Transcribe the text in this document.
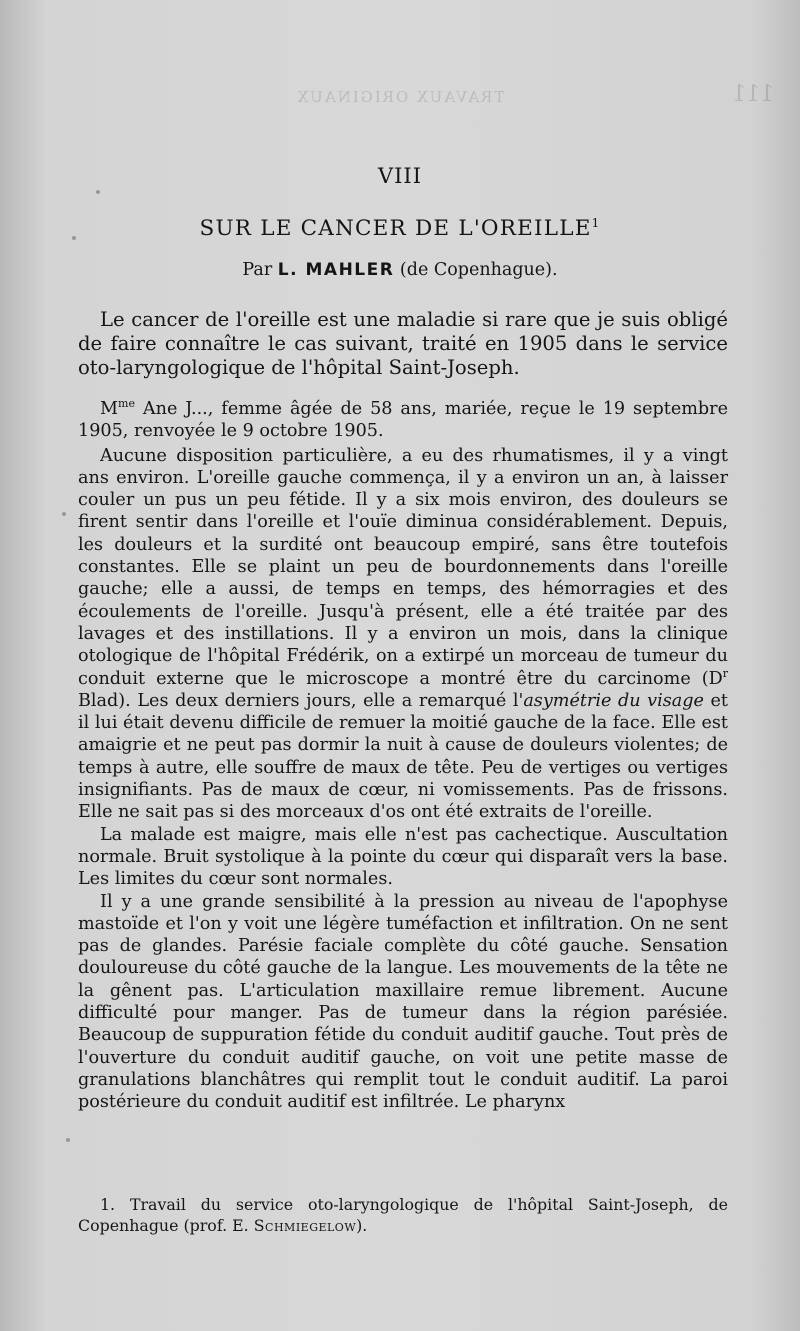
TRAVAUX ORIGINAUX	111
VIII
SUR LE CANCER DE L'OREILLE$^1$
Par L. MAHLER (de Copenhague).

Le cancer de l'oreille est une maladie si rare que je suis obligé de faire connaître le cas suivant, traité en 1905 dans le service oto-laryngologique de l'hôpital Saint-Joseph.

$M^{me}$ Ane J..., femme âgée de 58 ans, mariée, reçue le 19 septembre 1905, renvoyée le 9 octobre 1905.

Aucune disposition particulière, a eu des rhumatismes, il y a vingt ans environ. L'oreille gauche commença, il y a environ un an, à laisser couler un pus un peu fétide. Il y a six mois environ, des douleurs se firent sentir dans l'oreille et l'ouïe diminua considérablement. Depuis, les douleurs et la surdité ont beaucoup empiré, sans être toutefois constantes. Elle se plaint un peu de bourdonnements dans l'oreille gauche; elle a aussi, de temps en temps, des hémorragies et des écoulements de l'oreille. Jusqu'à présent, elle a été traitée par des lavages et des instillations. Il y a environ un mois, dans la clinique otologique de l'hôpital Frédérik, on a extirpé un morceau de tumeur du conduit externe que le microscope a montré être du carcinome ($D^r$ Blad). Les deux derniers jours, elle a remarqué l'asymétrie du visage et il lui était devenu difficile de remuer la moitié gauche de la face. Elle est amaigrie et ne peut pas dormir la nuit à cause de douleurs violentes; de temps à autre, elle souffre de maux de tête. Peu de vertiges ou vertiges insignifiants. Pas de maux de cœur, ni vomissements. Pas de frissons. Elle ne sait pas si des morceaux d'os ont été extraits de l'oreille.

La malade est maigre, mais elle n'est pas cachectique. Auscultation normale. Bruit systolique à la pointe du cœur qui disparaît vers la base. Les limites du cœur sont normales.

Il y a une grande sensibilité à la pression au niveau de l'apophyse mastoïde et l'on y voit une légère tuméfaction et infiltration. On ne sent pas de glandes. Parésie faciale complète du côté gauche. Sensation douloureuse du côté gauche de la langue. Les mouvements de la tête ne la gênent pas. L'articulation maxillaire remue librement. Aucune difficulté pour manger. Pas de tumeur dans la région parésiée. Beaucoup de suppuration fétide du conduit auditif gauche. Tout près de l'ouverture du conduit auditif gauche, on voit une petite masse de granulations blanchâtres qui remplit tout le conduit auditif. La paroi postérieure du conduit auditif est infiltrée. Le pharynx

1. Travail du service oto-laryngologique de l'hôpital Saint-Joseph, de Copenhague (prof. E. Schmiegelow).
